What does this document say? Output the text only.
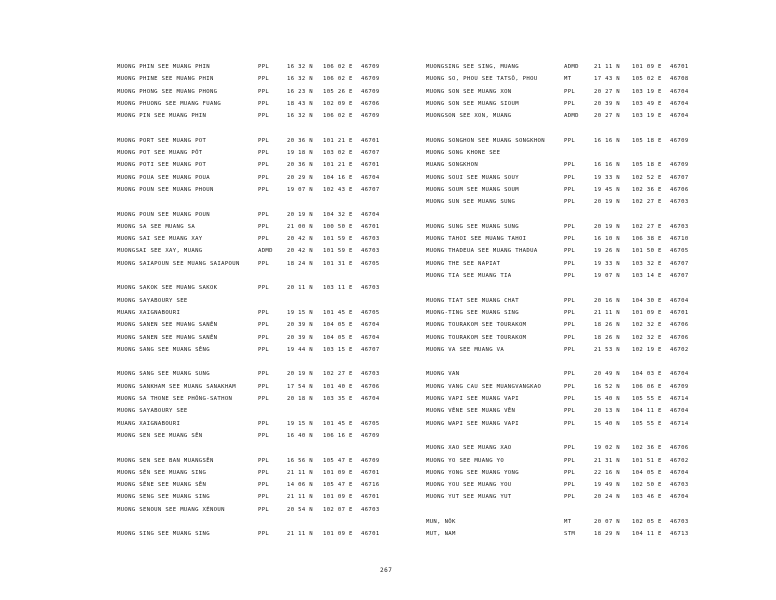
MUONG PHIN SEE MUANG PHIN	PPL	16 32 N	106 02 E	46709
MUONG PHINE SEE MUANG PHIN	PPL	16 32 N	106 02 E	46709
MUONG PHONG SEE MUANG PHONG	PPL	16 23 N	105 26 E	46709
MUONG PHUONG SEE MUANG FUANG	PPL	18 43 N	102 09 E	46706
MUONG PIN SEE MUANG PHIN	PPL	16 32 N	106 02 E	46709
MUONG PORT SEE MUANG POT	PPL	20 36 N	101 21 E	46701
MUONG POT SEE MUANG PÔT	PPL	19 18 N	103 02 E	46707
MUONG POTI SEE MUANG POT	PPL	20 36 N	101 21 E	46701
MUONG POUA SEE MUANG POUA	PPL	20 29 N	104 16 E	46704
MUONG POUN SEE MUANG PHOUN	PPL	19 07 N	102 43 E	46707
MUONG POUN SEE MUANG POUN	PPL	20 19 N	104 32 E	46704
MUONG SA SEE MUANG SA	PPL	21 00 N	100 50 E	46701
MUONG SAI SEE MUANG XAY	PPL	20 42 N	101 59 E	46703
MUONGSAI SEE XAY, MUANG	ADMD	20 42 N	101 59 E	46703
MUONG SAIAPOUN SEE MUANG SAIAPOUN	PPL	18 24 N	101 31 E	46705
MUONG SAKOK SEE MUANG SAKOK	PPL	20 11 N	103 11 E	46703
MUONG SAYABOURY SEE
MUANG XAIGNABOURI	PPL	19 15 N	101 45 E	46705
MUONG SANEN SEE MUANG SANÊN	PPL	20 39 N	104 05 E	46704
MUONG SANEN SEE MUANG SANÊN	PPL	20 39 N	104 05 E	46704
MUONG SANG SEE MUANG SÊNG	PPL	19 44 N	103 15 E	46707
MUONG SANG SEE MUANG SUNG	PPL	20 19 N	102 27 E	46703
MUONG SANKHAM SEE MUANG SANAKHAM	PPL	17 54 N	101 40 E	46706
MUONG SA THONE SEE PHÔNG-SATHON	PPL	20 18 N	103 35 E	46704
MUONG SAYABOURY SEE
MUANG XAIGNABOURI	PPL	19 15 N	101 45 E	46705
MUONG SEN SEE MUANG SÊN	PPL	16 40 N	106 16 E	46709
MUONG SEN SEE BAN MUANGSÊN	PPL	16 56 N	105 47 E	46709
MUONG SÊN SEE MUANG SING	PPL	21 11 N	101 09 E	46701
MUONG SÊNE SEE MUANG SÊN	PPL	14 06 N	105 47 E	46716
MUONG SENG SEE MUANG SING	PPL	21 11 N	101 09 E	46701
MUONG SENOUN SEE MUANG XÉNOUN	PPL	20 54 N	102 07 E	46703
MUONG SING SEE MUANG SING	PPL	21 11 N	101 09 E	46701
MUONGSING SEE SING, MUANG	ADMD	21 11 N	101 09 E	46701
MUONG SO, PHOU SEE TATSÔ, PHOU	MT	17 43 N	105 02 E	46708
MUONG SON SEE MUANG XON	PPL	20 27 N	103 19 E	46704
MUONG SON SEE MUANG SIOUM	PPL	20 39 N	103 49 E	46704
MUONGSON SEE XON, MUANG	ADMD	20 27 N	103 19 E	46704
MUONG SONGHON SEE MUANG SONGKHON	PPL	16 16 N	105 18 E	46709
MUONG SONG KHONE SEE
MUANG SONGKHON	PPL	16 16 N	105 18 E	46709
MUONG SOUI SEE MUANG SOUY	PPL	19 33 N	102 52 E	46707
MUONG SOUM SEE MUANG SOUM	PPL	19 45 N	102 36 E	46706
MUONG SUN SEE MUANG SUNG	PPL	20 19 N	102 27 E	46703
MUONG SUNG SEE MUANG SUNG	PPL	20 19 N	102 27 E	46703
MUONG TAHOI SEE MUANG TAHOI	PPL	16 10 N	106 38 E	46710
MUONG THADEUA SEE MUANG THADUA	PPL	19 26 N	101 50 E	46705
MUONG THE SEE NAPIAT	PPL	19 33 N	103 32 E	46707
MUONG TIA SEE MUANG TIA	PPL	19 07 N	103 14 E	46707
MUONG TIAT SEE MUANG CHAT	PPL	20 16 N	104 30 E	46704
MUONG-TING SEE MUANG SING	PPL	21 11 N	101 09 E	46701
MUONG TOURAKOM SEE TOURAKOM	PPL	18 26 N	102 32 E	46706
MUONG TOURAKOM SEE TOURAKOM	PPL	18 26 N	102 32 E	46706
MUONG VA SEE MUANG VA	PPL	21 53 N	102 19 E	46702
MUONG VAN	PPL	20 49 N	104 03 E	46704
MUONG VANG CAU SEE MUANGVANGKAO	PPL	16 52 N	106 06 E	46709
MUONG VAPI SEE MUANG VAPI	PPL	15 40 N	105 55 E	46714
MUONG VÊNE SEE MUANG VÊN	PPL	20 13 N	104 11 E	46704
MUONG WAPI SEE MUANG VAPI	PPL	15 40 N	105 55 E	46714
MUONG XAO SEE MUANG XAO	PPL	19 02 N	102 36 E	46706
MUONG YO SEE MUANG YO	PPL	21 31 N	101 51 E	46702
MUONG YONG SEE MUANG YONG	PPL	22 16 N	104 05 E	46704
MUONG YOU SEE MUANG YOU	PPL	19 49 N	102 50 E	46703
MUONG YUT SEE MUANG YUT	PPL	20 24 N	103 46 E	46704
MUN, NÔK	MT	20 07 N	102 05 E	46703
MUT, NAM	STM	18 29 N	104 11 E	46713
267
